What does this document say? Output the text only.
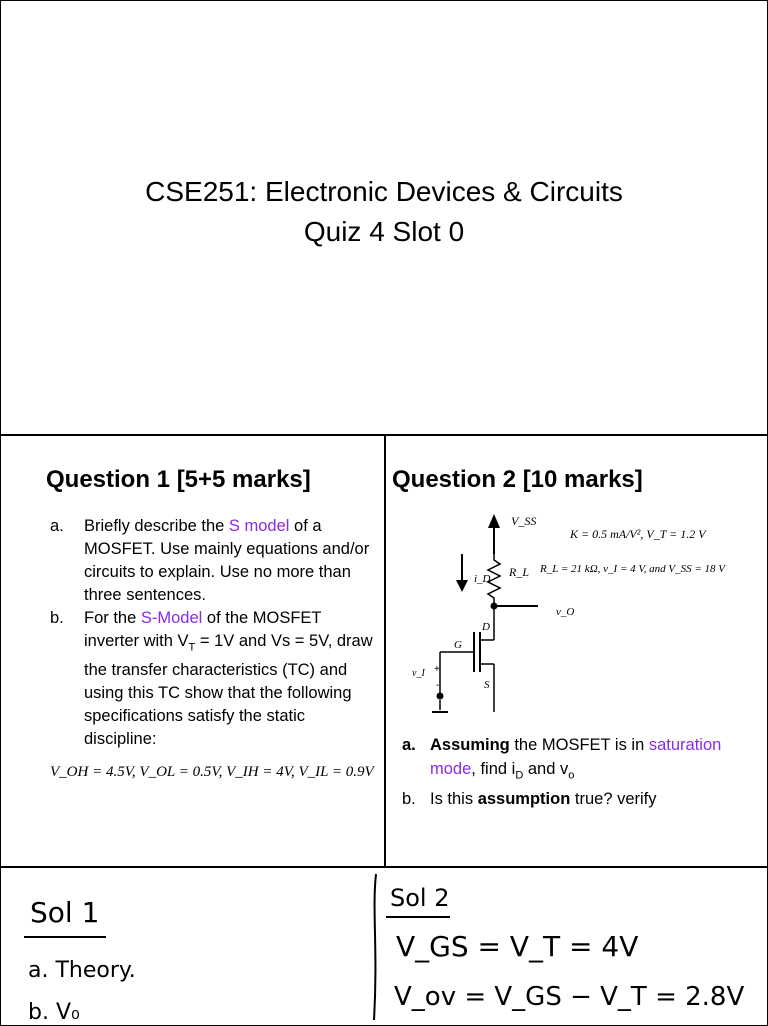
CSE251: Electronic Devices & Circuits
Quiz 4 Slot 0
Question 1 [5+5 marks]
a.	Briefly describe the S model of a MOSFET. Use mainly equations and/or circuits to explain. Use no more than three sentences.
b.	For the S-Model of the MOSFET inverter with $V_T = 1V$ and Vs = 5V, draw the transfer characteristics (TC) and using this TC show that the following specifications satisfy the static discipline:
V_OH = 4.5V, V_OL = 0.5V, V_IH = 4V, V_IL = 0.9V
Question 2 [10 marks]
V_SS
i_D R_L
v_O
D
G
S
v_I +
-
K = 0.5 mA/V², V_T = 1.2 V
R_L = 21 kΩ, v_I = 4 V, and V_SS = 18 V
a. Assuming the MOSFET is in saturation mode, find $i_D$ and $v_o$
b. Is this assumption true? verify
Sol 1
a. Theory.
b. V₀
Sol 2
V_GS = V_T = 4V
V_ov = V_GS − V_T = 2.8V
